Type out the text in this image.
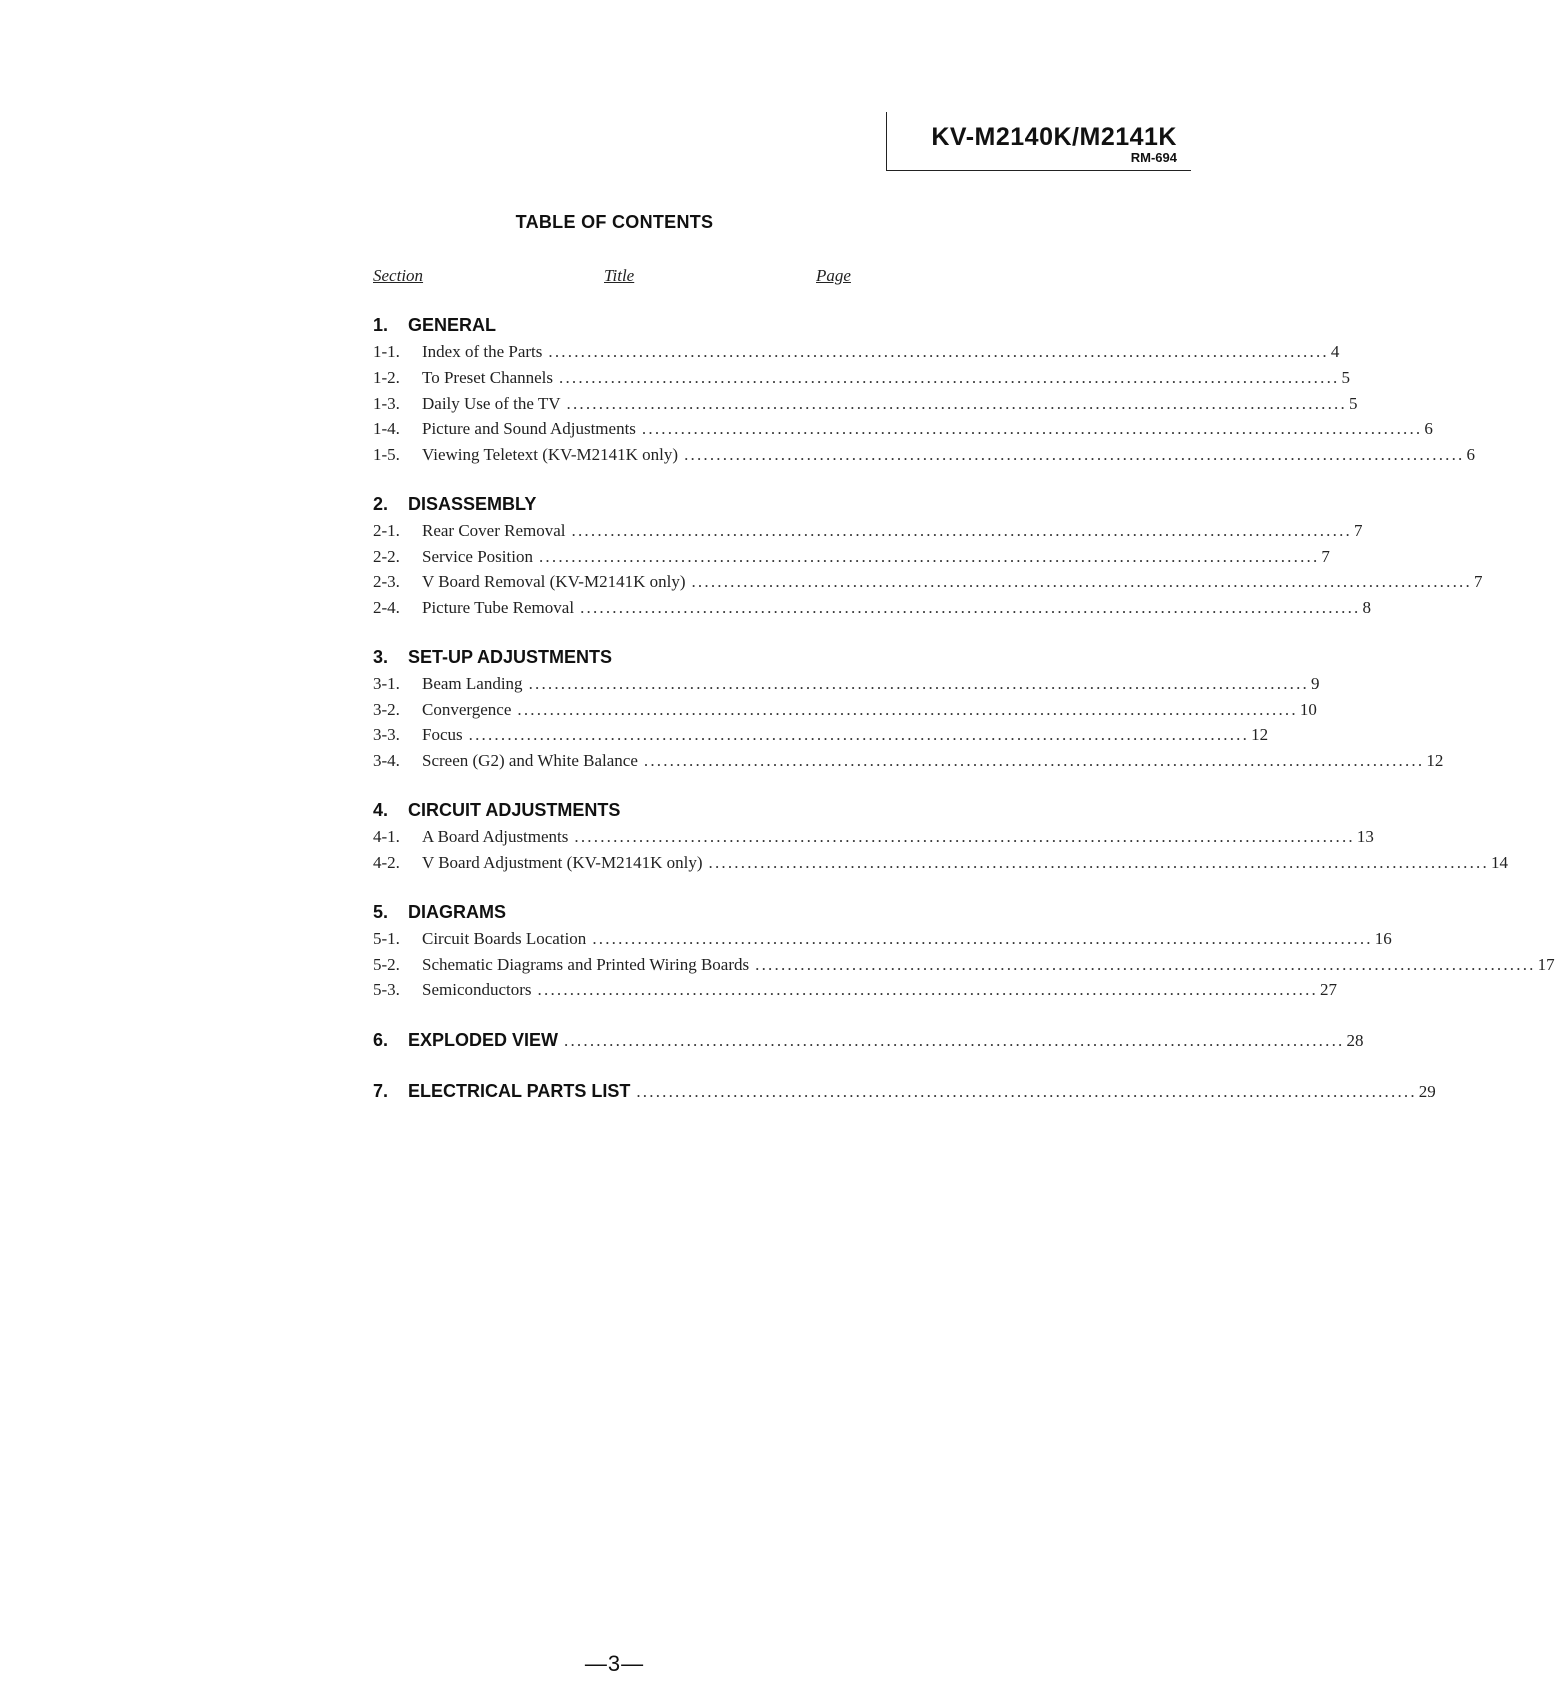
KV-M2140K/M2141K
RM-694
TABLE OF CONTENTS
Section	Title	Page
1. GENERAL
1-1.	Index of the Parts ......................................................................................................................... 4
1-2.	To Preset Channels ......................................................................................................................... 5
1-3.	Daily Use of the TV ......................................................................................................................... 5
1-4.	Picture and Sound Adjustments ......................................................................................................................... 6
1-5.	Viewing Teletext (KV-M2141K only) ......................................................................................................................... 6
2. DISASSEMBLY
2-1.	Rear Cover Removal ......................................................................................................................... 7
2-2.	Service Position ......................................................................................................................... 7
2-3.	V Board Removal (KV-M2141K only) ......................................................................................................................... 7
2-4.	Picture Tube Removal ......................................................................................................................... 8
3. SET-UP ADJUSTMENTS
3-1.	Beam Landing ......................................................................................................................... 9
3-2.	Convergence ......................................................................................................................... 10
3-3.	Focus ......................................................................................................................... 12
3-4.	Screen (G2) and White Balance ......................................................................................................................... 12
4. CIRCUIT ADJUSTMENTS
4-1.	A Board Adjustments ......................................................................................................................... 13
4-2.	V Board Adjustment (KV-M2141K only) ......................................................................................................................... 14
5. DIAGRAMS
5-1.	Circuit Boards Location ......................................................................................................................... 16
5-2.	Schematic Diagrams and Printed Wiring Boards ......................................................................................................................... 17
5-3.	Semiconductors ......................................................................................................................... 27
6.	EXPLODED VIEW ......................................................................................................................... 28
7.	ELECTRICAL PARTS LIST ......................................................................................................................... 29
—3—
